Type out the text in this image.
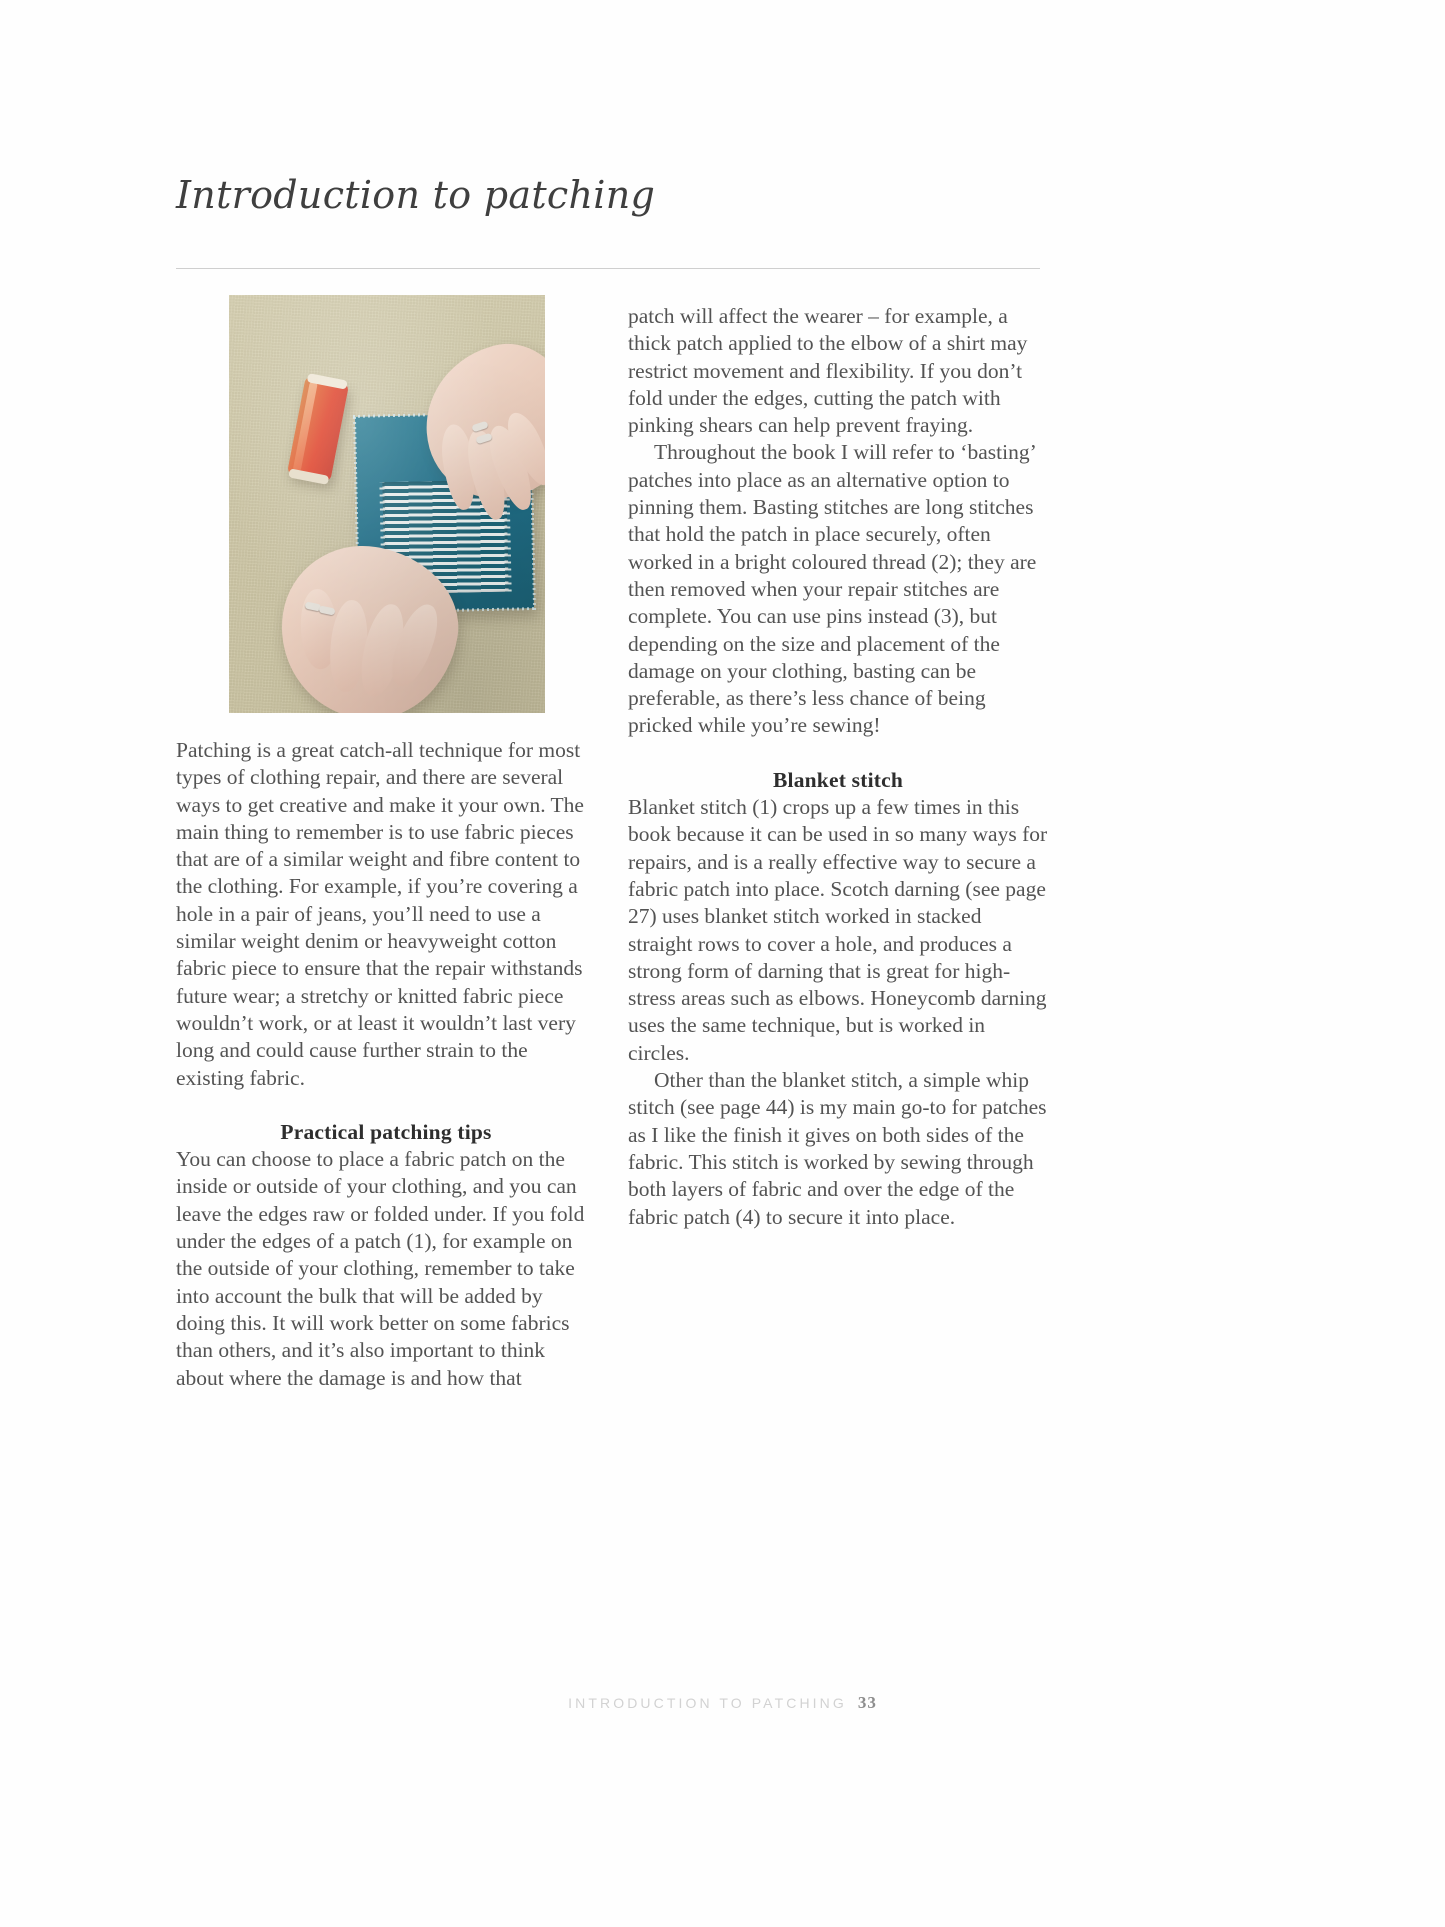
Introduction to patching

Patching is a great catch-all technique for most types of clothing repair, and there are several ways to get creative and make it your own. The main thing to remember is to use fabric pieces that are of a similar weight and fibre content to the clothing. For example, if you’re covering a hole in a pair of jeans, you’ll need to use a similar weight denim or heavyweight cotton fabric piece to ensure that the repair withstands future wear; a stretchy or knitted fabric piece wouldn’t work, or at least it wouldn’t last very long and could cause further strain to the existing fabric.

Practical patching tips

You can choose to place a fabric patch on the inside or outside of your clothing, and you can leave the edges raw or folded under. If you fold under the edges of a patch (1), for example on the outside of your clothing, remember to take into account the bulk that will be added by doing this. It will work better on some fabrics than others, and it’s also important to think about where the damage is and how that

patch will affect the wearer – for example, a thick patch applied to the elbow of a shirt may restrict movement and flexibility. If you don’t fold under the edges, cutting the patch with pinking shears can help prevent fraying.

Throughout the book I will refer to ‘basting’ patches into place as an alternative option to pinning them. Basting stitches are long stitches that hold the patch in place securely, often worked in a bright coloured thread (2); they are then removed when your repair stitches are complete. You can use pins instead (3), but depending on the size and placement of the damage on your clothing, basting can be preferable, as there’s less chance of being pricked while you’re sewing!

Blanket stitch

Blanket stitch (1) crops up a few times in this book because it can be used in so many ways for repairs, and is a really effective way to secure a fabric patch into place. Scotch darning (see page 27) uses blanket stitch worked in stacked straight rows to cover a hole, and produces a strong form of darning that is great for high-stress areas such as elbows. Honeycomb darning uses the same technique, but is worked in circles.

Other than the blanket stitch, a simple whip stitch (see page 44) is my main go-to for patches as I like the finish it gives on both sides of the fabric. This stitch is worked by sewing through both layers of fabric and over the edge of the fabric patch (4) to secure it into place.

INTRODUCTION TO PATCHING 33
